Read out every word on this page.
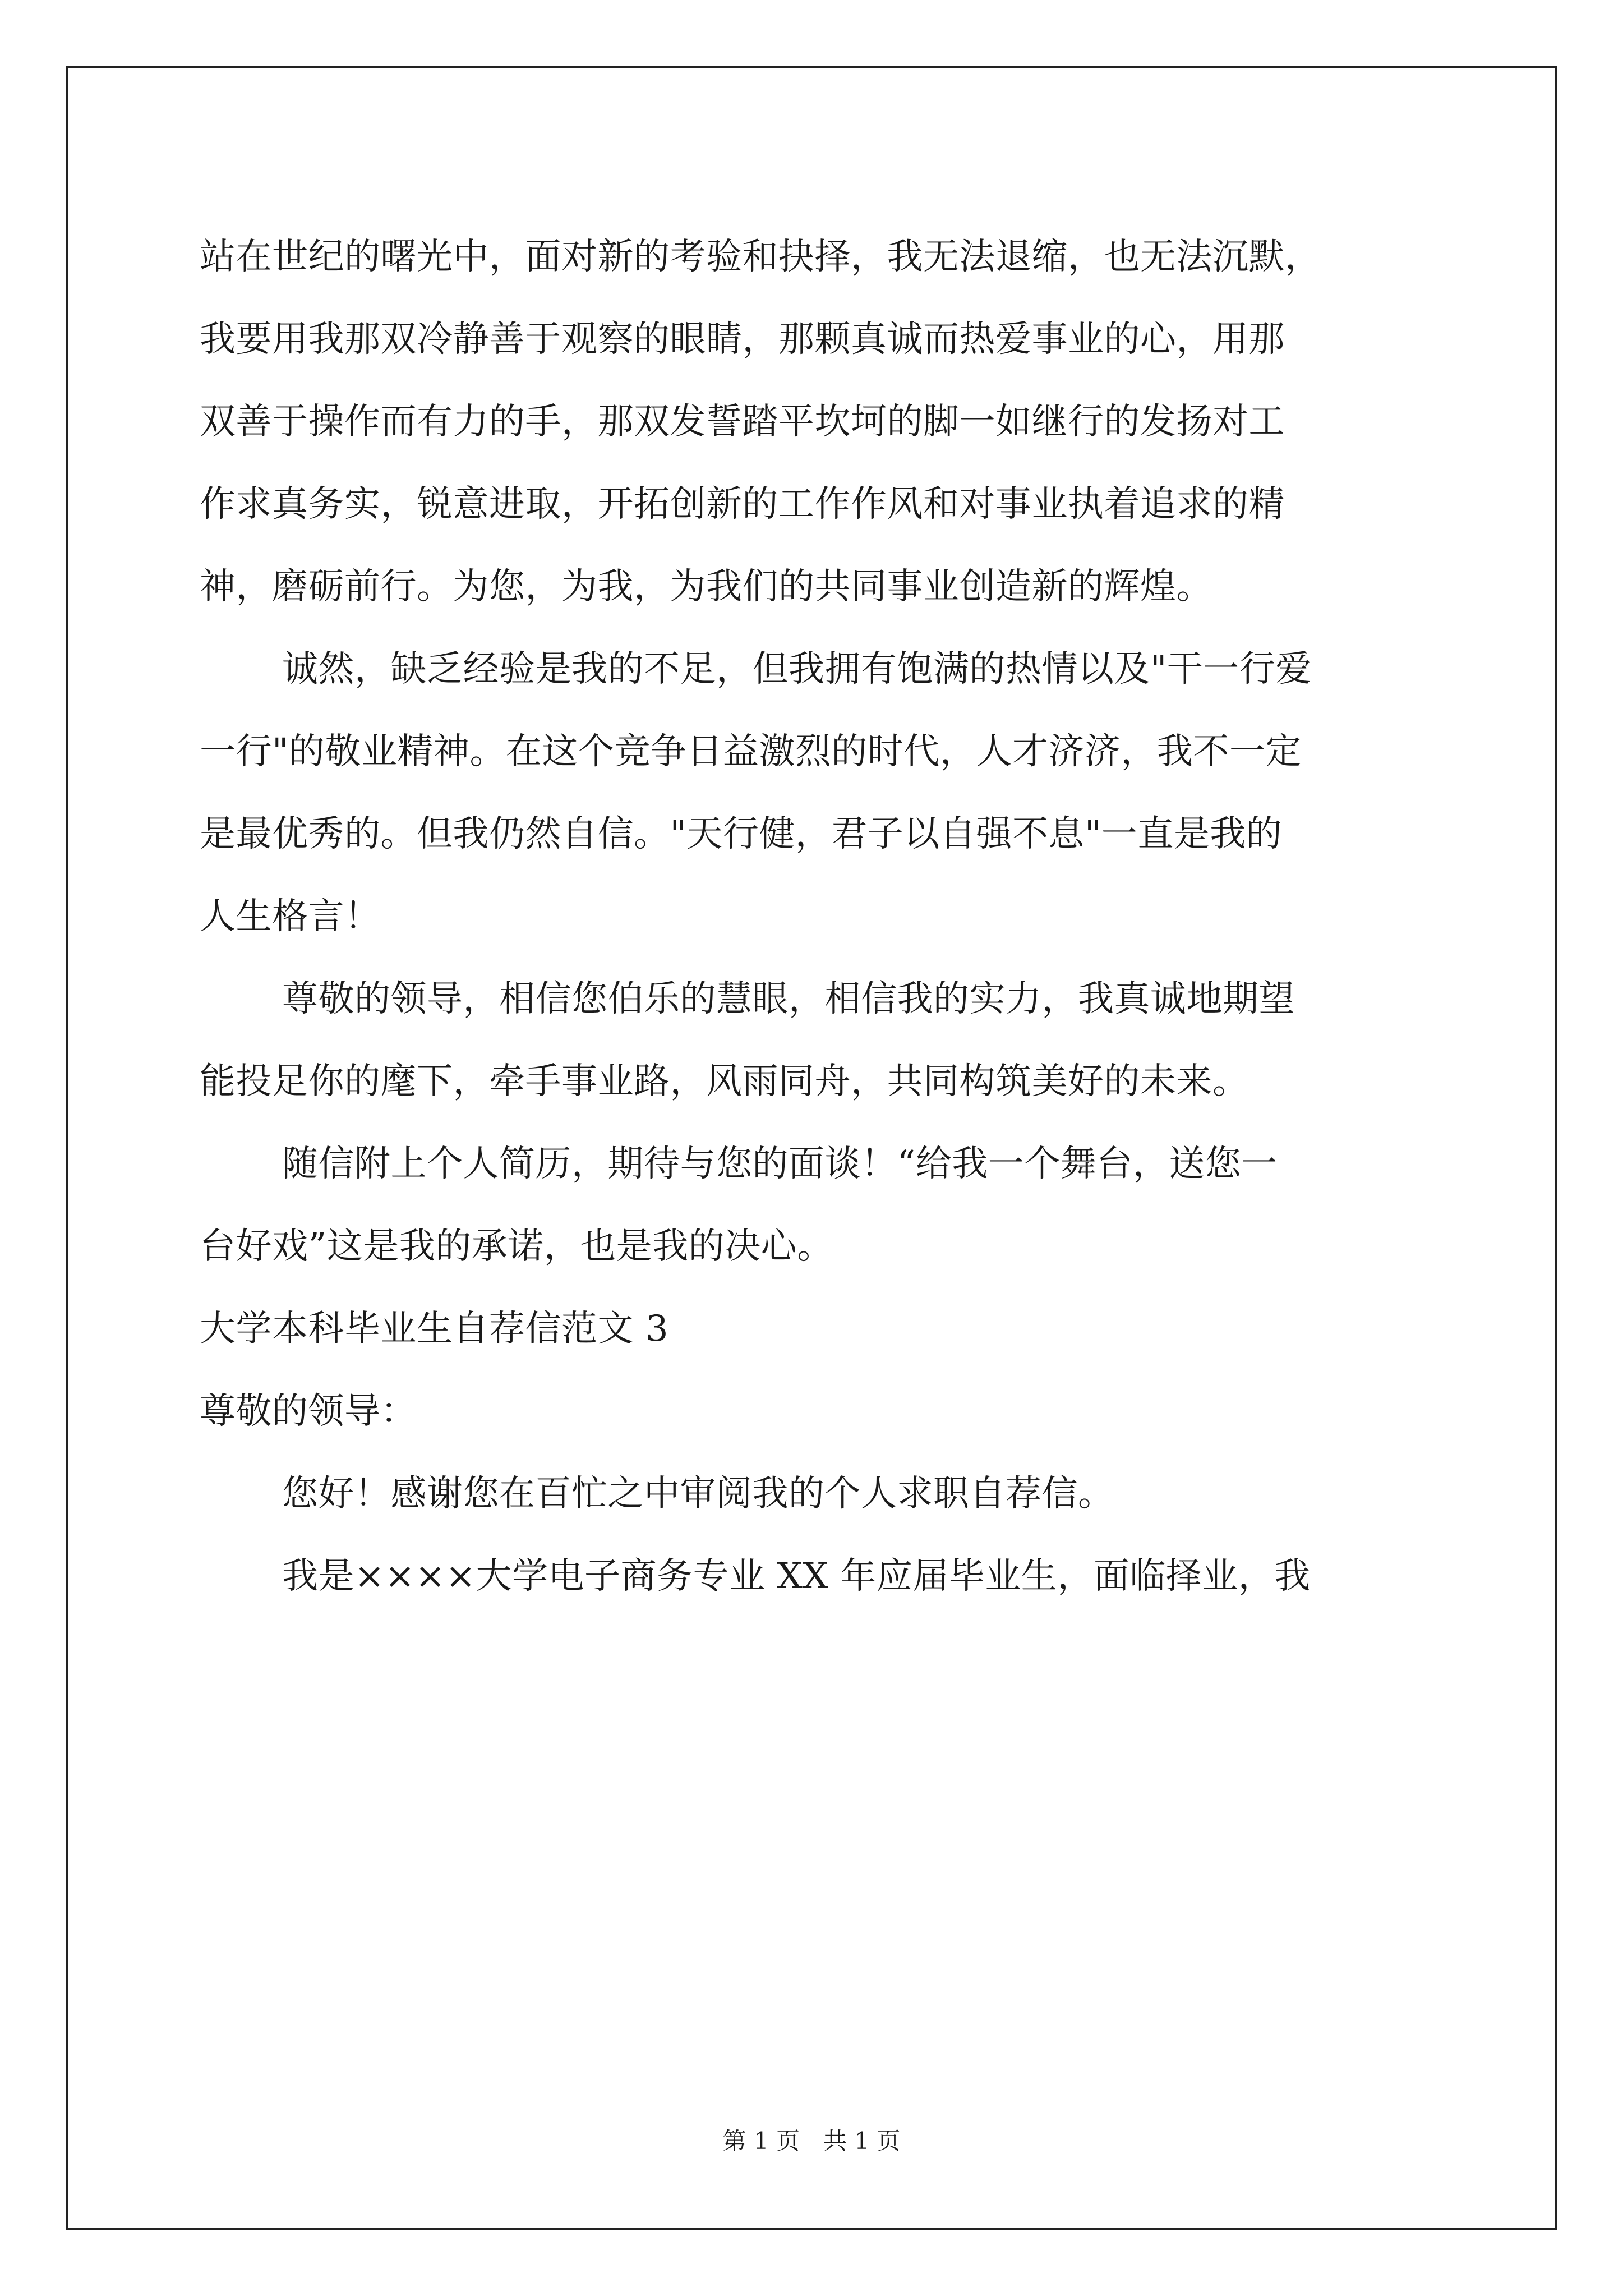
站在世纪的曙光中，面对新的考验和抉择，我无法退缩，也无法沉默，
我要用我那双冷静善于观察的眼睛，那颗真诚而热爱事业的心，用那
双善于操作而有力的手，那双发誓踏平坎坷的脚一如继行的发扬对工
作求真务实，锐意进取，开拓创新的工作作风和对事业执着追求的精
神，磨砺前行。为您，为我，为我们的共同事业创造新的辉煌。
诚然，缺乏经验是我的不足，但我拥有饱满的热情以及"干一行爱
一行"的敬业精神。在这个竞争日益激烈的时代，人才济济，我不一定
是最优秀的。但我仍然自信。"天行健，君子以自强不息"一直是我的
人生格言！
尊敬的领导，相信您伯乐的慧眼，相信我的实力，我真诚地期望
能投足你的麾下，牵手事业路，风雨同舟，共同构筑美好的未来。
随信附上个人简历，期待与您的面谈！“给我一个舞台，送您一
台好戏”这是我的承诺，也是我的决心。
大学本科毕业生自荐信范文 3
尊敬的领导：
您好！感谢您在百忙之中审阅我的个人求职自荐信。
我是××××大学电子商务专业 XX 年应届毕业生，面临择业，我
第 1 页　共 1 页
